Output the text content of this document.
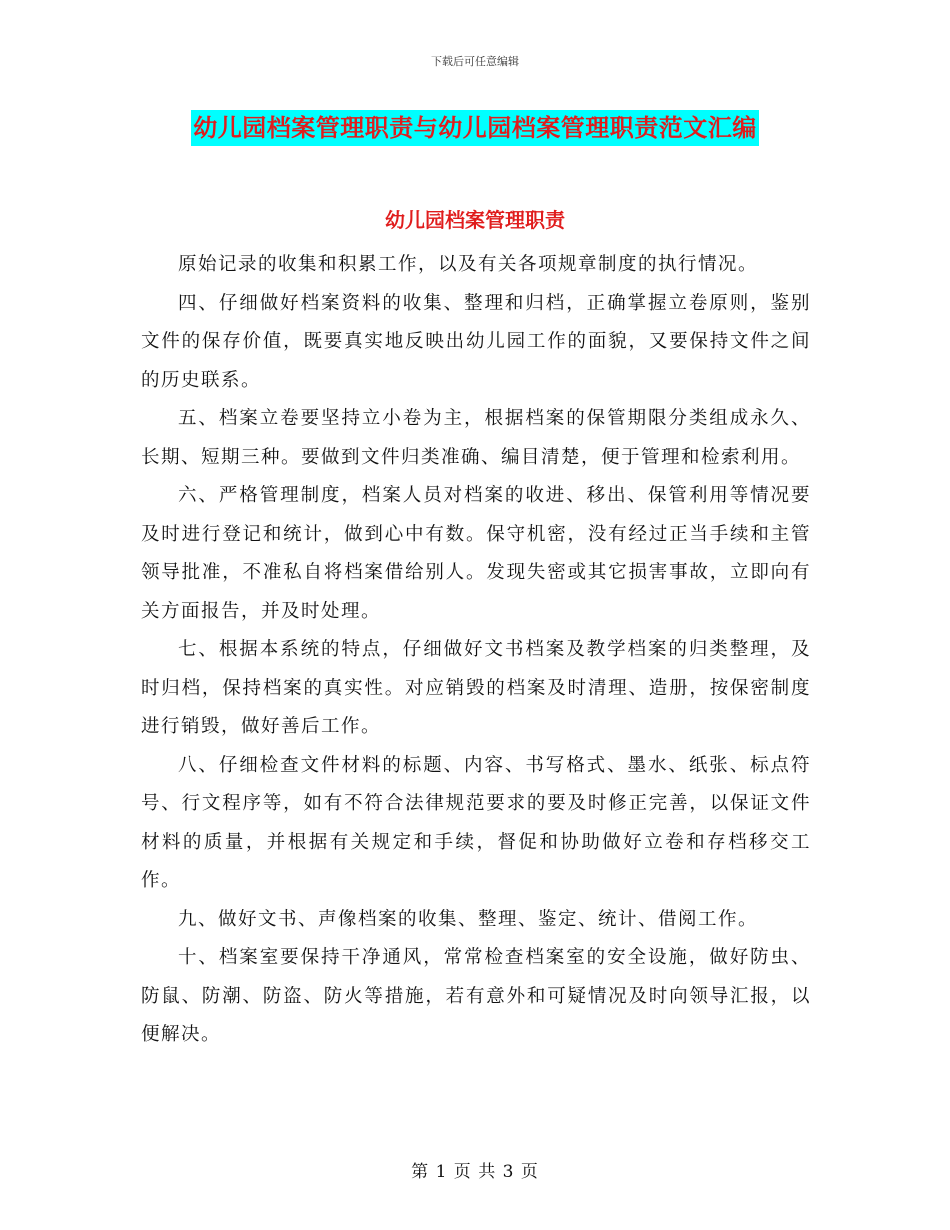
下载后可任意编辑
幼儿园档案管理职责与幼儿园档案管理职责范文汇编
幼儿园档案管理职责

原始记录的收集和积累工作，以及有关各项规章制度的执行情况。

四、仔细做好档案资料的收集、整理和归档，正确掌握立卷原则，鉴别文件的保存价值，既要真实地反映出幼儿园工作的面貌，又要保持文件之间的历史联系。

五、档案立卷要坚持立小卷为主，根据档案的保管期限分类组成永久、长期、短期三种。要做到文件归类准确、编目清楚，便于管理和检索利用。

六、严格管理制度，档案人员对档案的收进、移出、保管利用等情况要及时进行登记和统计，做到心中有数。保守机密，没有经过正当手续和主管领导批准，不准私自将档案借给别人。发现失密或其它损害事故，立即向有关方面报告，并及时处理。

七、根据本系统的特点，仔细做好文书档案及教学档案的归类整理，及时归档，保持档案的真实性。对应销毁的档案及时清理、造册，按保密制度进行销毁，做好善后工作。

八、仔细检查文件材料的标题、内容、书写格式、墨水、纸张、标点符号、行文程序等，如有不符合法律规范要求的要及时修正完善，以保证文件材料的质量，并根据有关规定和手续，督促和协助做好立卷和存档移交工作。

九、做好文书、声像档案的收集、整理、鉴定、统计、借阅工作。

十、档案室要保持干净通风，常常检查档案室的安全设施，做好防虫、防鼠、防潮、防盗、防火等措施，若有意外和可疑情况及时向领导汇报，以便解决。

第 1 页 共 3 页
